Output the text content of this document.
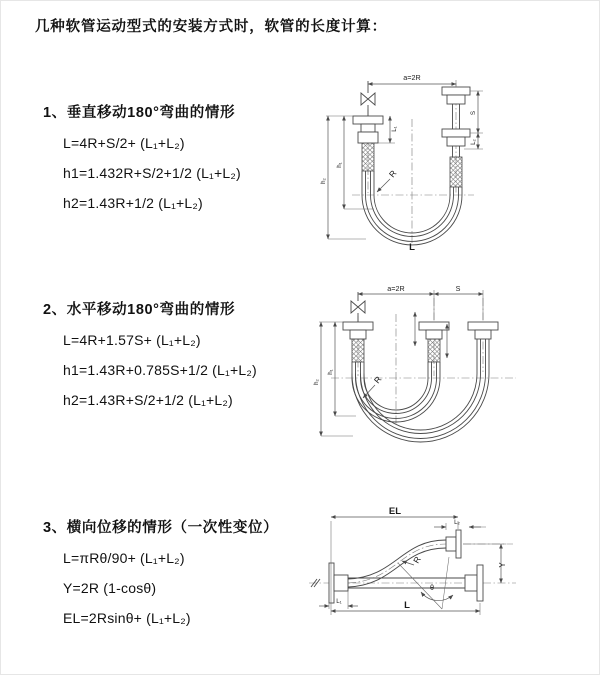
几种软管运动型式的安装方式时，软管的长度计算：
1、垂直移动180°弯曲的情形
L=4R+S/2+ (L₁+L₂)
h1=1.432R+S/2+1/2 (L₁+L₂)
h2=1.43R+1/2 (L₁+L₂)
a=2R
L₁
h₁
h₂
S
L₂
R
L
2、水平移动180°弯曲的情形
L=4R+1.57S+ (L₁+L₂)
h1=1.43R+0.785S+1/2 (L₁+L₂)
h2=1.43R+S/2+1/2 (L₁+L₂)
a=2R	S
h₁
h₂	R
3、横向位移的情形（一次性变位）
L=πRθ/90+ (L₁+L₂)
Y=2R (1-cosθ)
EL=2Rsinθ+ (L₁+L₂)
θ
R
EL
L₂
Y
L₁	L
